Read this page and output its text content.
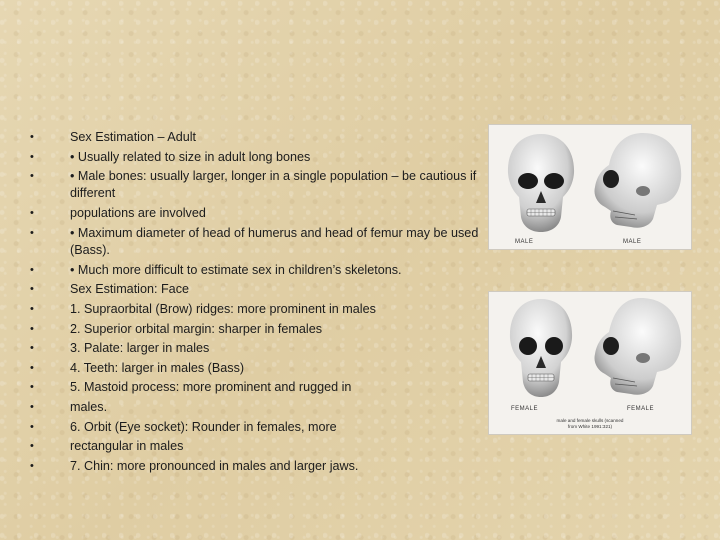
• Sex Estimation – Adult
• • Usually related to size in adult long bones
• • Male bones: usually larger, longer in a single population – be cautious if different
• populations are involved
• • Maximum diameter of head of humerus and head of femur may be used (Bass).
• • Much more difficult to estimate sex in children’s skeletons.
• Sex Estimation: Face
• 1. Supraorbital (Brow) ridges: more prominent in males
• 2. Superior orbital margin: sharper in females
• 3. Palate: larger in males
• 4. Teeth: larger in males (Bass)
• 5. Mastoid process: more prominent and rugged in
• males.
• 6. Orbit (Eye socket): Rounder in females, more
• rectangular in males
• 7. Chin: more pronounced in males and larger jaws.
MALE	MALE
FEMALE
male and female skulls (scanned from White 1991:321)
FEMALE
